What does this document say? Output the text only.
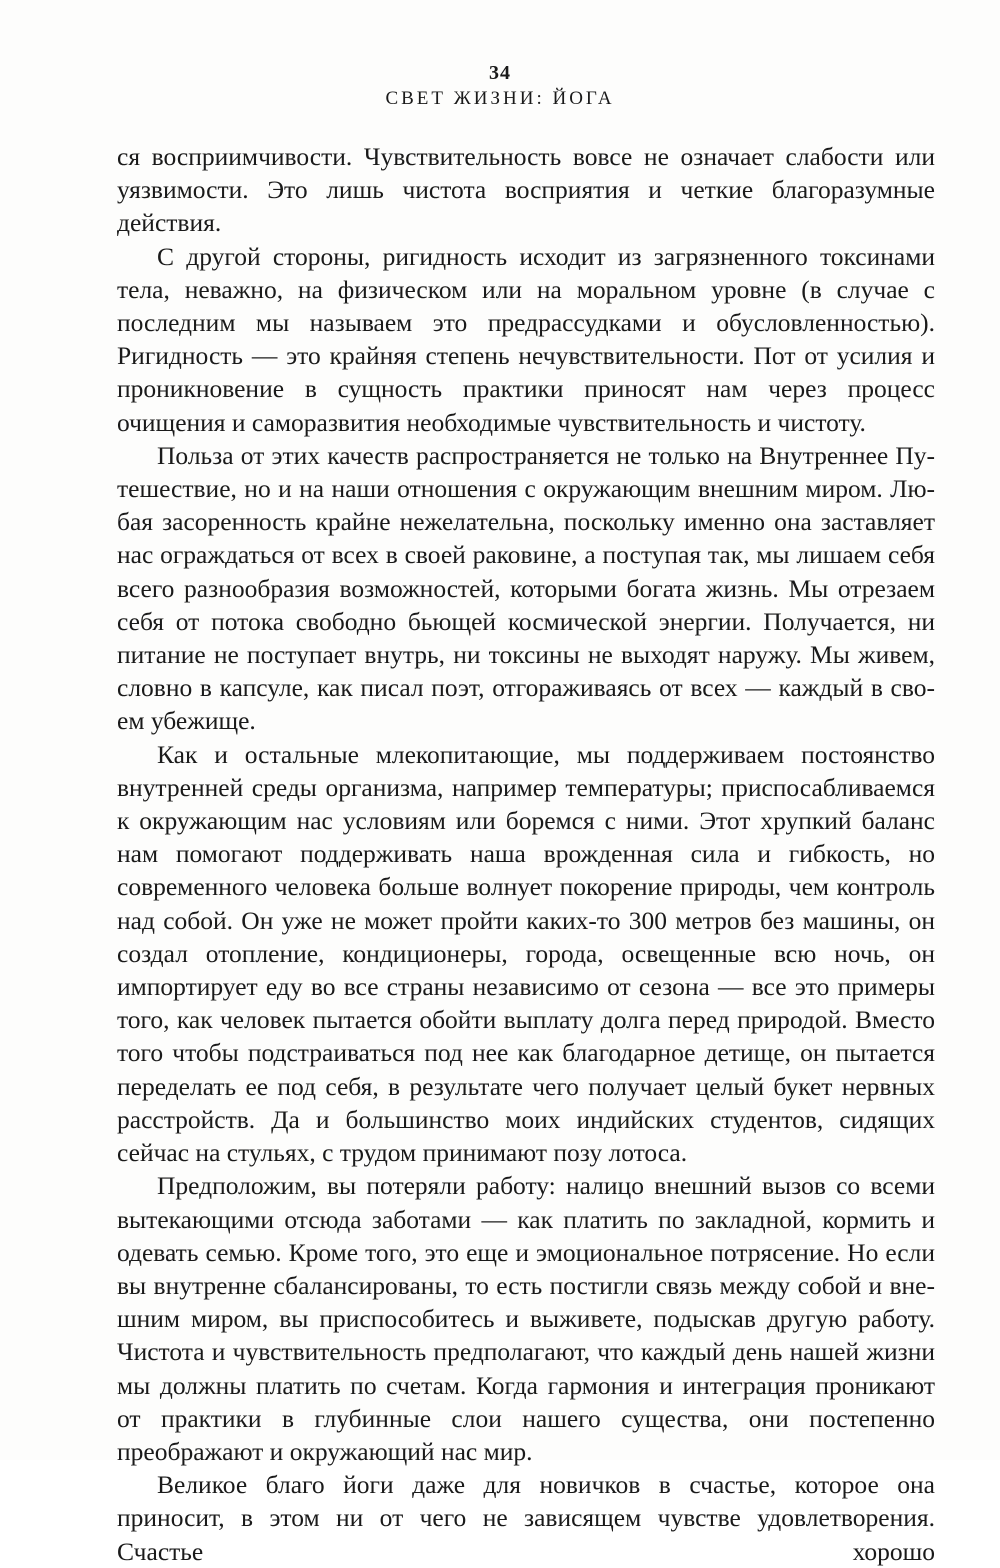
34
СВЕТ ЖИЗНИ: ЙОГА

ся восприимчивости. Чувствительность вовсе не означает слабости или уязвимости. Это лишь чистота восприятия и четкие благоразумные действия.

С другой стороны, ригидность исходит из загрязненного токсинами тела, неважно, на физическом или на моральном уровне (в случае с последним мы называем это предрассудками и обусловленностью). Ригидность — это крайняя степень нечувствительности. Пот от усилия и проникновение в сущность практики приносят нам через процесс очищения и саморазвития необходимые чувствительность и чистоту.

Польза от этих качеств распространяется не только на Внутреннее Путешествие, но и на наши отношения с окружающим внешним миром. Любая засоренность крайне нежелательна, поскольку именно она заставляет нас ограждаться от всех в своей раковине, а поступая так, мы лишаем себя всего разнообразия возможностей, которыми богата жизнь. Мы отрезаем себя от потока свободно бьющей космической энергии. Получается, ни питание не поступает внутрь, ни токсины не выходят наружу. Мы живем, словно в капсуле, как писал поэт, отгораживаясь от всех — каждый в своем убежище.

Как и остальные млекопитающие, мы поддерживаем постоянство внутренней среды организма, например температуры; приспосабливаемся к окружающим нас условиям или боремся с ними. Этот хрупкий баланс нам помогают поддерживать наша врожденная сила и гибкость, но современного человека больше волнует покорение природы, чем контроль над собой. Он уже не может пройти каких-то 300 метров без машины, он создал отопление, кондиционеры, города, освещенные всю ночь, он импортирует еду во все страны независимо от сезона — все это примеры того, как человек пытается обойти выплату долга перед природой. Вместо того чтобы подстраиваться под нее как благодарное детище, он пытается переделать ее под себя, в результате чего получает целый букет нервных расстройств. Да и большинство моих индийских студентов, сидящих сейчас на стульях, с трудом принимают позу лотоса.

Предположим, вы потеряли работу: налицо внешний вызов со всеми вытекающими отсюда заботами — как платить по закладной, кормить и одевать семью. Кроме того, это еще и эмоциональное потрясение. Но если вы внутренне сбалансированы, то есть постигли связь между собой и внешним миром, вы приспособитесь и выживете, подыскав другую работу. Чистота и чувствительность предполагают, что каждый день нашей жизни мы должны платить по счетам. Когда гармония и интеграция проникают от практики в глубинные слои нашего существа, они постепенно преображают и окружающий нас мир.

Великое благо йоги даже для новичков в счастье, которое она приносит, в этом ни от чего не зависящем чувстве удовлетворения. Счастье хорошо
